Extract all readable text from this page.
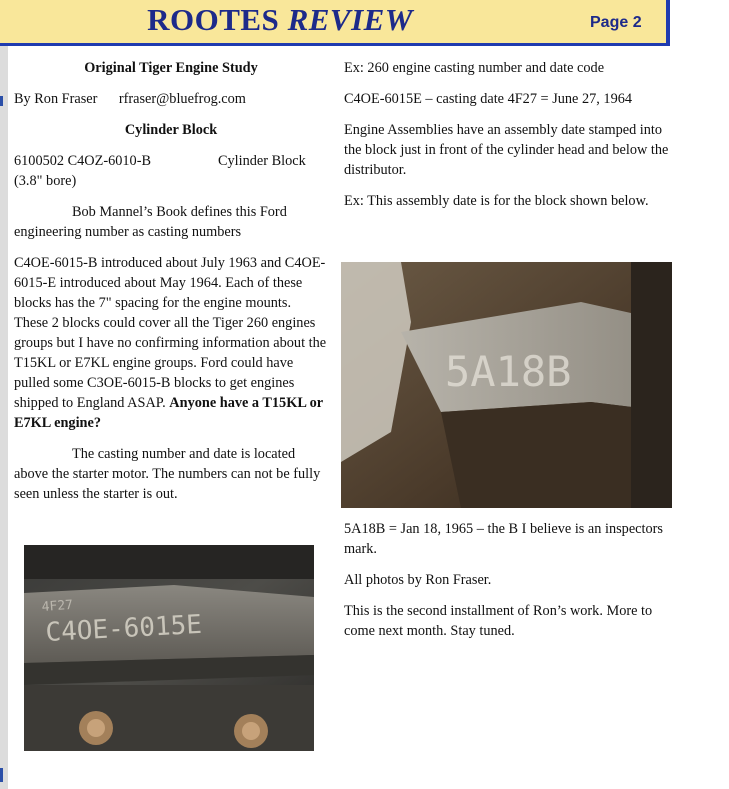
ROOTES REVIEW	Page 2

Original Tiger Engine Study

By Ron Fraser      rfraser@bluefrog.com

Cylinder Block

6100502 C4OZ-6010-B	Cylinder Block

(3.8" bore)

Bob Mannel’s Book defines this Ford engineering number as casting numbers

C4OE-6015-B introduced about July 1963 and C4OE-6015-E introduced about May 1964. Each of these blocks has the 7" spacing for the engine mounts. These 2 blocks could cover all the Tiger 260 engines groups but I have no confirming information about the T15KL or E7KL engine groups. Ford could have pulled some C3OE-6015-B blocks to get engines shipped to England ASAP. Anyone have a T15KL or E7KL engine?

The casting number and date is located above the starter motor. The numbers can not be fully seen unless the starter is out.

4F27
C4OE-6015E

Ex: 260 engine casting number and date code

C4OE-6015E – casting date 4F27 = June 27, 1964

Engine Assemblies have an assembly date stamped into the block just in front of the cylinder head and below the distributor.

Ex: This assembly date is for the block shown below.

5A18B

5A18B = Jan 18, 1965 – the B I believe is an inspectors mark.

All photos by Ron Fraser.

This is the second installment of Ron’s work. More to come next month. Stay tuned.
